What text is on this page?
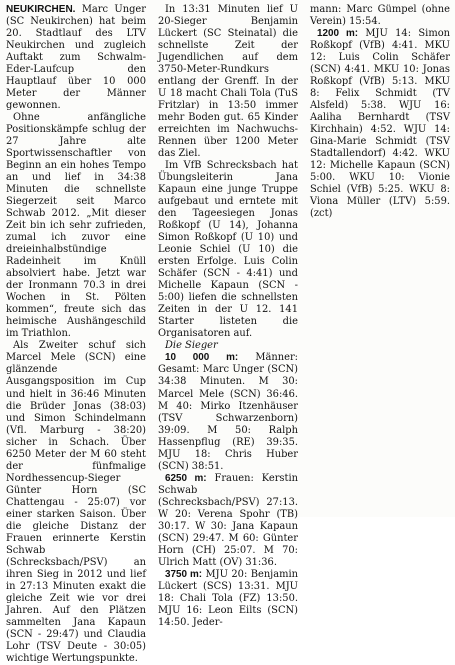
NEUKIRCHEN. Marc Unger (SC Neukirchen) hat beim 20. Stadtlauf des LTV Neukirchen und zugleich Auftakt zum Schwalm-Eder-Laufcup den Hauptlauf über 10 000 Meter der Männer gewonnen.

Ohne anfängliche Positionskämpfe schlug der 27 Jahre alte Sportwissenschaftler von Beginn an ein hohes Tempo an und lief in 34:38 Minuten die schnellste Siegerzeit seit Marco Schwab 2012. „Mit dieser Zeit bin ich sehr zufrieden, zumal ich zuvor eine dreieinhalbstündige Radeinheit im Knüll absolviert habe. Jetzt war der Ironmann 70.3 in drei Wochen in St. Pölten kommen“, freute sich das heimische Aushängeschild im Triathlon.

Als Zweiter schuf sich Marcel Mele (SCN) eine glänzende Ausgangsposition im Cup und hielt in 36:46 Minuten die Brüder Jonas (38:03) und Simon Schindelmann (Vfl. Marburg - 38:20) sicher in Schach. Über 6250 Meter der M 60 steht der fünfmalige Nordhessencup-Sieger Günter Horn (SC Chattengau - 25:07) vor einer starken Saison. Über die gleiche Distanz der Frauen erinnerte Kerstin Schwab (Schrecksbach/PSV) an ihren Sieg in 2012 und lief in 27:13 Minuten exakt die gleiche Zeit wie vor drei Jahren. Auf den Plätzen sammelten Jana Kapaun (SCN - 29:47) und Claudia Lohr (TSV Deute - 30:05) wichtige Wertungspunkte.

In 13:31 Minuten lief U 20-Sieger Benjamin Lückert (SC Steinatal) die schnellste Zeit der Jugendlichen auf dem 3750-Meter-Rundkurs entlang der Grenff. In der U 18 macht Chali Tola (TuS Fritzlar) in 13:50 immer mehr Boden gut. 65 Kinder erreichten im Nachwuchs-Rennen über 1200 Meter das Ziel.

Im VfB Schrecksbach hat Übungsleiterin Jana Kapaun eine junge Truppe aufgebaut und erntete mit den Tageesiegen Jonas Roßkopf (U 14), Johanna Simon Roßkopf (U 10) und Leonie Schiel (U 10) die ersten Erfolge. Luis Colin Schäfer (SCN - 4:41) und Michelle Kapaun (SCN - 5:00) liefen die schnellsten Zeiten in der U 12. 141 Starter listeten die Organisatoren auf.

Die Sieger

10 000 m: Männer: Gesamt: Marc Unger (SCN) 34:38 Minuten. M 30: Marcel Mele (SCN) 36:46. M 40: Mirko Itzenhäuser (TSV Schwarzenborn) 39:09. M 50: Ralph Hassenpflug (RE) 39:35. MJU 18: Chris Huber (SCN) 38:51.

6250 m: Frauen: Kerstin Schwab (Schrecksbach/PSV) 27:13. W 20: Verena Spohr (TB) 30:17. W 30: Jana Kapaun (SCN) 29:47. M 60: Günter Horn (CH) 25:07. M 70: Ulrich Matt (OV) 31:36.

3750 m: MJU 20: Benjamin Lückert (SCS) 13:31. MJU 18: Chali Tola (FZ) 13:50. MJU 16: Leon Eilts (SCN) 14:50. Jeder-

mann: Marc Gümpel (ohne Verein) 15:54.

1200 m: MJU 14: Simon Roßkopf (VfB) 4:41. MKU 12: Luis Colin Schäfer (SCN) 4:41. MKU 10: Jonas Roßkopf (VfB) 5:13. MKU 8: Felix Schmidt (TV Alsfeld) 5:38. WJU 16: Aaliha Bernhardt (TSV Kirchhain) 4:52. WJU 14: Gina-Marie Schmidt (TSV Stadtallendorf) 4:42. WKU 12: Michelle Kapaun (SCN) 5:00. WKU 10: Vionie Schiel (VfB) 5:25. WKU 8: Viona Müller (LTV) 5:59. (zct)
